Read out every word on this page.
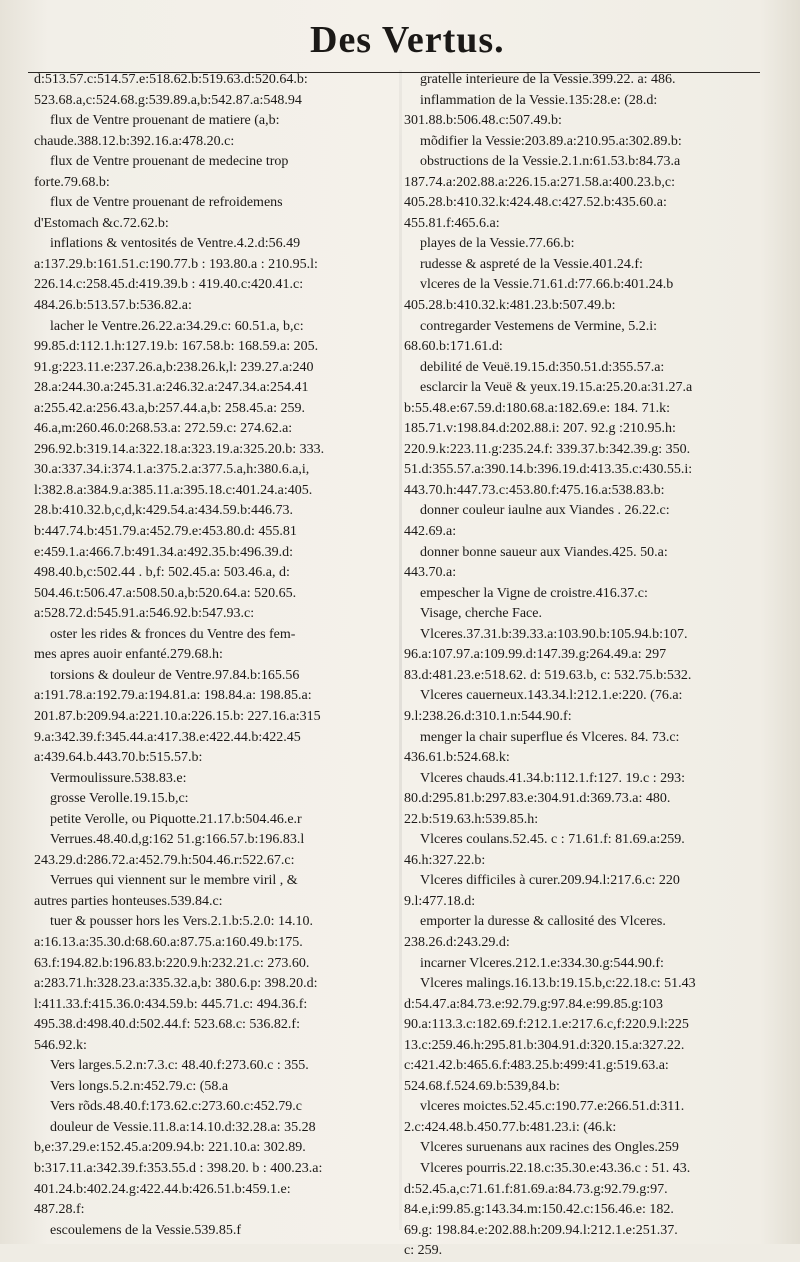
Des Vertus.
d:513.57.c:514.57.e:518.62.b:519.63.d:520.64.b:
523.68.a,c:524.68.g:539.89.a,b:542.87.a:548.94
flux de Ventre prouenant de matiere (a,b:
chaude.388.12.b:392.16.a:478.20.c:
flux de Ventre prouenant de medecine trop
forte.79.68.b:
flux de Ventre prouenant de refroidemens
d'Estomach &c.72.62.b:
inflations & ventosités de Ventre.4.2.d:56.49
a:137.29.b:161.51.c:190.77.b : 193.80.a : 210.95.l:
226.14.c:258.45.d:419.39.b : 419.40.c:420.41.c:
484.26.b:513.57.b:536.82.a:
lacher le Ventre.26.22.a:34.29.c: 60.51.a, b,c:
99.85.d:112.1.h:127.19.b: 167.58.b: 168.59.a: 205.
91.g:223.11.e:237.26.a,b:238.26.k,l: 239.27.a:240
28.a:244.30.a:245.31.a:246.32.a:247.34.a:254.41
a:255.42.a:256.43.a,b:257.44.a,b: 258.45.a: 259.
46.a,m:260.46.0:268.53.a: 272.59.c: 274.62.a:
296.92.b:319.14.a:322.18.a:323.19.a:325.20.b: 333.
30.a:337.34.i:374.1.a:375.2.a:377.5.a,h:380.6.a,i,
l:382.8.a:384.9.a:385.11.a:395.18.c:401.24.a:405.
28.b:410.32.b,c,d,k:429.54.a:434.59.b:446.73.
b:447.74.b:451.79.a:452.79.e:453.80.d: 455.81
e:459.1.a:466.7.b:491.34.a:492.35.b:496.39.d:
498.40.b,c:502.44 . b,f: 502.45.a: 503.46.a, d:
504.46.t:506.47.a:508.50.a,b:520.64.a: 520.65.
a:528.72.d:545.91.a:546.92.b:547.93.c:
oster les rides & fronces du Ventre des fem-
mes apres auoir enfanté.279.68.h:
torsions & douleur de Ventre.97.84.b:165.56
a:191.78.a:192.79.a:194.81.a: 198.84.a: 198.85.a:
201.87.b:209.94.a:221.10.a:226.15.b: 227.16.a:315
9.a:342.39.f:345.44.a:417.38.e:422.44.b:422.45
a:439.64.b.443.70.b:515.57.b:
Vermoulissure.538.83.e:
grosse Verolle.19.15.b,c:
petite Verolle, ou Piquotte.21.17.b:504.46.e.r
Verrues.48.40.d,g:162 51.g:166.57.b:196.83.l
243.29.d:286.72.a:452.79.h:504.46.r:522.67.c:
Verrues qui viennent sur le membre viril , &
autres parties honteuses.539.84.c:
tuer & pousser hors les Vers.2.1.b:5.2.0: 14.10.
a:16.13.a:35.30.d:68.60.a:87.75.a:160.49.b:175.
63.f:194.82.b:196.83.b:220.9.h:232.21.c: 273.60.
a:283.71.h:328.23.a:335.32.a,b: 380.6.p: 398.20.d:
l:411.33.f:415.36.0:434.59.b: 445.71.c: 494.36.f:
495.38.d:498.40.d:502.44.f: 523.68.c: 536.82.f:
546.92.k:
Vers larges.5.2.n:7.3.c: 48.40.f:273.60.c : 355.
Vers longs.5.2.n:452.79.c: (58.a
Vers rõds.48.40.f:173.62.c:273.60.c:452.79.c
douleur de Vessie.11.8.a:14.10.d:32.28.a: 35.28
b,e:37.29.e:152.45.a:209.94.b: 221.10.a: 302.89.
b:317.11.a:342.39.f:353.55.d : 398.20. b : 400.23.a:
401.24.b:402.24.g:422.44.b:426.51.b:459.1.e:
487.28.f:
escoulemens de la Vessie.539.85.f
gratelle interieure de la Vessie.399.22. a: 486.
inflammation de la Vessie.135:28.e: (28.d:
301.88.b:506.48.c:507.49.b:
mõdifier la Vessie:203.89.a:210.95.a:302.89.b:
obstructions de la Vessie.2.1.n:61.53.b:84.73.a
187.74.a:202.88.a:226.15.a:271.58.a:400.23.b,c:
405.28.b:410.32.k:424.48.c:427.52.b:435.60.a:
455.81.f:465.6.a:
playes de la Vessie.77.66.b:
rudesse & aspreté de la Vessie.401.24.f:
vlceres de la Vessie.71.61.d:77.66.b:401.24.b
405.28.b:410.32.k:481.23.b:507.49.b:
contregarder Vestemens de Vermine, 5.2.i:
68.60.b:171.61.d:
debilité de Veuë.19.15.d:350.51.d:355.57.a:
esclarcir la Veuë & yeux.19.15.a:25.20.a:31.27.a
b:55.48.e:67.59.d:180.68.a:182.69.e: 184. 71.k:
185.71.v:198.84.d:202.88.i: 207. 92.g :210.95.h:
220.9.k:223.11.g:235.24.f: 339.37.b:342.39.g: 350.
51.d:355.57.a:390.14.b:396.19.d:413.35.c:430.55.i:
443.70.h:447.73.c:453.80.f:475.16.a:538.83.b:
donner couleur iaulne aux Viandes . 26.22.c:
442.69.a:
donner bonne saueur aux Viandes.425. 50.a:
443.70.a:
empescher la Vigne de croistre.416.37.c:
Visage, cherche Face.
Vlceres.37.31.b:39.33.a:103.90.b:105.94.b:107.
96.a:107.97.a:109.99.d:147.39.g:264.49.a: 297
83.d:481.23.e:518.62. d: 519.63.b, c: 532.75.b:532.
Vlceres cauerneux.143.34.l:212.1.e:220. (76.a:
9.l:238.26.d:310.1.n:544.90.f:
menger la chair superflue és Vlceres. 84. 73.c:
436.61.b:524.68.k:
Vlceres chauds.41.34.b:112.1.f:127. 19.c : 293:
80.d:295.81.b:297.83.e:304.91.d:369.73.a: 480.
22.b:519.63.h:539.85.h:
Vlceres coulans.52.45. c : 71.61.f: 81.69.a:259.
46.h:327.22.b:
Vlceres difficiles à curer.209.94.l:217.6.c: 220
9.l:477.18.d:
emporter la duresse & callosité des Vlceres.
238.26.d:243.29.d:
incarner Vlceres.212.1.e:334.30.g:544.90.f:
Vlceres malings.16.13.b:19.15.b,c:22.18.c: 51.43
d:54.47.a:84.73.e:92.79.g:97.84.e:99.85.g:103
90.a:113.3.c:182.69.f:212.1.e:217.6.c,f:220.9.l:225
13.c:259.46.h:295.81.b:304.91.d:320.15.a:327.22.
c:421.42.b:465.6.f:483.25.b:499:41.g:519.63.a:
524.68.f.524.69.b:539,84.b:
vlceres moictes.52.45.c:190.77.e:266.51.d:311.
2.c:424.48.b.450.77.b:481.23.i: (46.k:
Vlceres suruenans aux racines des Ongles.259
Vlceres pourris.22.18.c:35.30.e:43.36.c : 51. 43.
d:52.45.a,c:71.61.f:81.69.a:84.73.g:92.79.g:97.
84.e,i:99.85.g:143.34.m:150.42.c:156.46.e: 182.
69.g: 198.84.e:202.88.h:209.94.l:212.1.e:251.37.
c: 259.
